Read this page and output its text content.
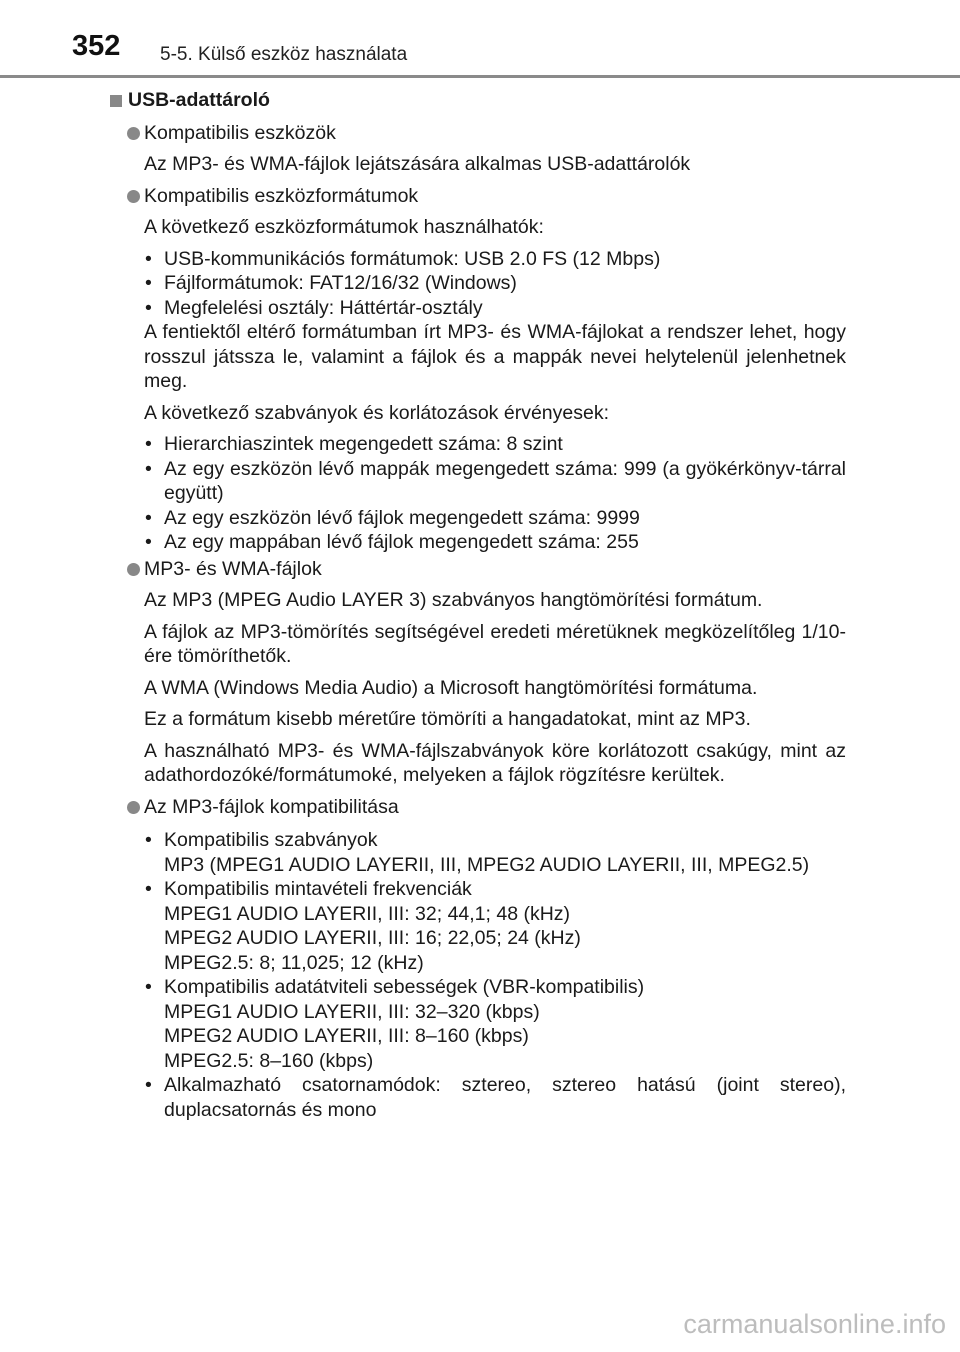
352 5-5. Külső eszköz használata
USB-adattároló
Kompatibilis eszközök
Az MP3- és WMA-fájlok lejátszására alkalmas USB-adattárolók
Kompatibilis eszközformátumok
A következő eszközformátumok használhatók:
• USB-kommunikációs formátumok: USB 2.0 FS (12 Mbps)
• Fájlformátumok: FAT12/16/32 (Windows)
• Megfelelési osztály: Háttértár-osztály
A fentiektől eltérő formátumban írt MP3- és WMA-fájlokat a rendszer lehet, hogy rosszul játssza le, valamint a fájlok és a mappák nevei helytelenül jelenhetnek meg.
A következő szabványok és korlátozások érvényesek:
• Hierarchiaszintek megengedett száma: 8 szint
• Az egy eszközön lévő mappák megengedett száma: 999 (a gyökérkönyv-tárral együtt)
• Az egy eszközön lévő fájlok megengedett száma: 9999
• Az egy mappában lévő fájlok megengedett száma: 255
MP3- és WMA-fájlok
Az MP3 (MPEG Audio LAYER 3) szabványos hangtömörítési formátum.
A fájlok az MP3-tömörítés segítségével eredeti méretüknek megközelítőleg 1/10-ére tömöríthetők.
A WMA (Windows Media Audio) a Microsoft hangtömörítési formátuma.
Ez a formátum kisebb méretűre tömöríti a hangadatokat, mint az MP3.
A használható MP3- és WMA-fájlszabványok köre korlátozott csakúgy, mint az adathordozóké/formátumoké, melyeken a fájlok rögzítésre kerültek.
Az MP3-fájlok kompatibilitása
• Kompatibilis szabványok
MP3 (MPEG1 AUDIO LAYERII, III, MPEG2 AUDIO LAYERII, III, MPEG2.5)
• Kompatibilis mintavételi frekvenciák
MPEG1 AUDIO LAYERII, III: 32; 44,1; 48 (kHz)
MPEG2 AUDIO LAYERII, III: 16; 22,05; 24 (kHz)
MPEG2.5: 8; 11,025; 12 (kHz)
• Kompatibilis adatátviteli sebességek (VBR-kompatibilis)
MPEG1 AUDIO LAYERII, III: 32–320 (kbps)
MPEG2 AUDIO LAYERII, III: 8–160 (kbps)
MPEG2.5: 8–160 (kbps)
• Alkalmazható csatornamódok: sztereo, sztereo hatású (joint stereo), duplacsatornás és mono
carmanualsonline.info
